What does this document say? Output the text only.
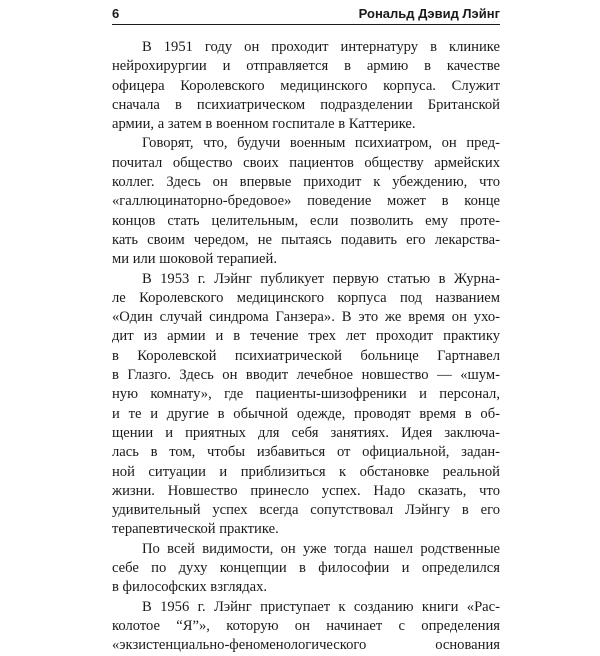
6	Рональд Дэвид Лэйнг
В 1951 году он проходит интернатуру в клинике
нейрохирургии и отправляется в армию в качестве
офицера Королевского медицинского корпуса. Служит
сначала в психиатрическом подразделении Британской
армии, а затем в военном госпитале в Каттерике.
Говорят, что, будучи военным психиатром, он пред-
почитал общество своих пациентов обществу армейских
коллег. Здесь он впервые приходит к убеждению, что
«галлюцинаторно-бредовое» поведение может в конце
концов стать целительным, если позволить ему протe-
кать своим чередом, не пытаясь подавить его лекарства-
ми или шоковой терапией.
В 1953 г. Лэйнг публикует первую статью в Журна-
ле Королевского медицинского корпуса под названием
«Один случай синдрома Ганзера». В это же время он ухо-
дит из армии и в течение трех лет проходит практику
в Королевской психиатрической больнице Гартнавел
в Глазго. Здесь он вводит лечебное новшество — «шум-
ную комнату», где пациенты-шизофреники и персонал,
и те и другие в обычной одежде, проводят время в об-
щении и приятных для себя занятиях. Идея заключа-
лась в том, чтобы избавиться от официальной, задан-
ной ситуации и приблизиться к обстановке реальной
жизни. Новшество принесло успех. Надо сказать, что
удивительный успех всегда сопутствовал Лэйнгу в его
терапевтической практике.
По всей видимости, он уже тогда нашел родственные
себе по духу концепции в философии и определился
в философских взглядах.
В 1956 г. Лэйнг приступает к созданию книги «Рас-
колотое “Я”», которую он начинает с определения
«экзистенциально-феноменологического основания
